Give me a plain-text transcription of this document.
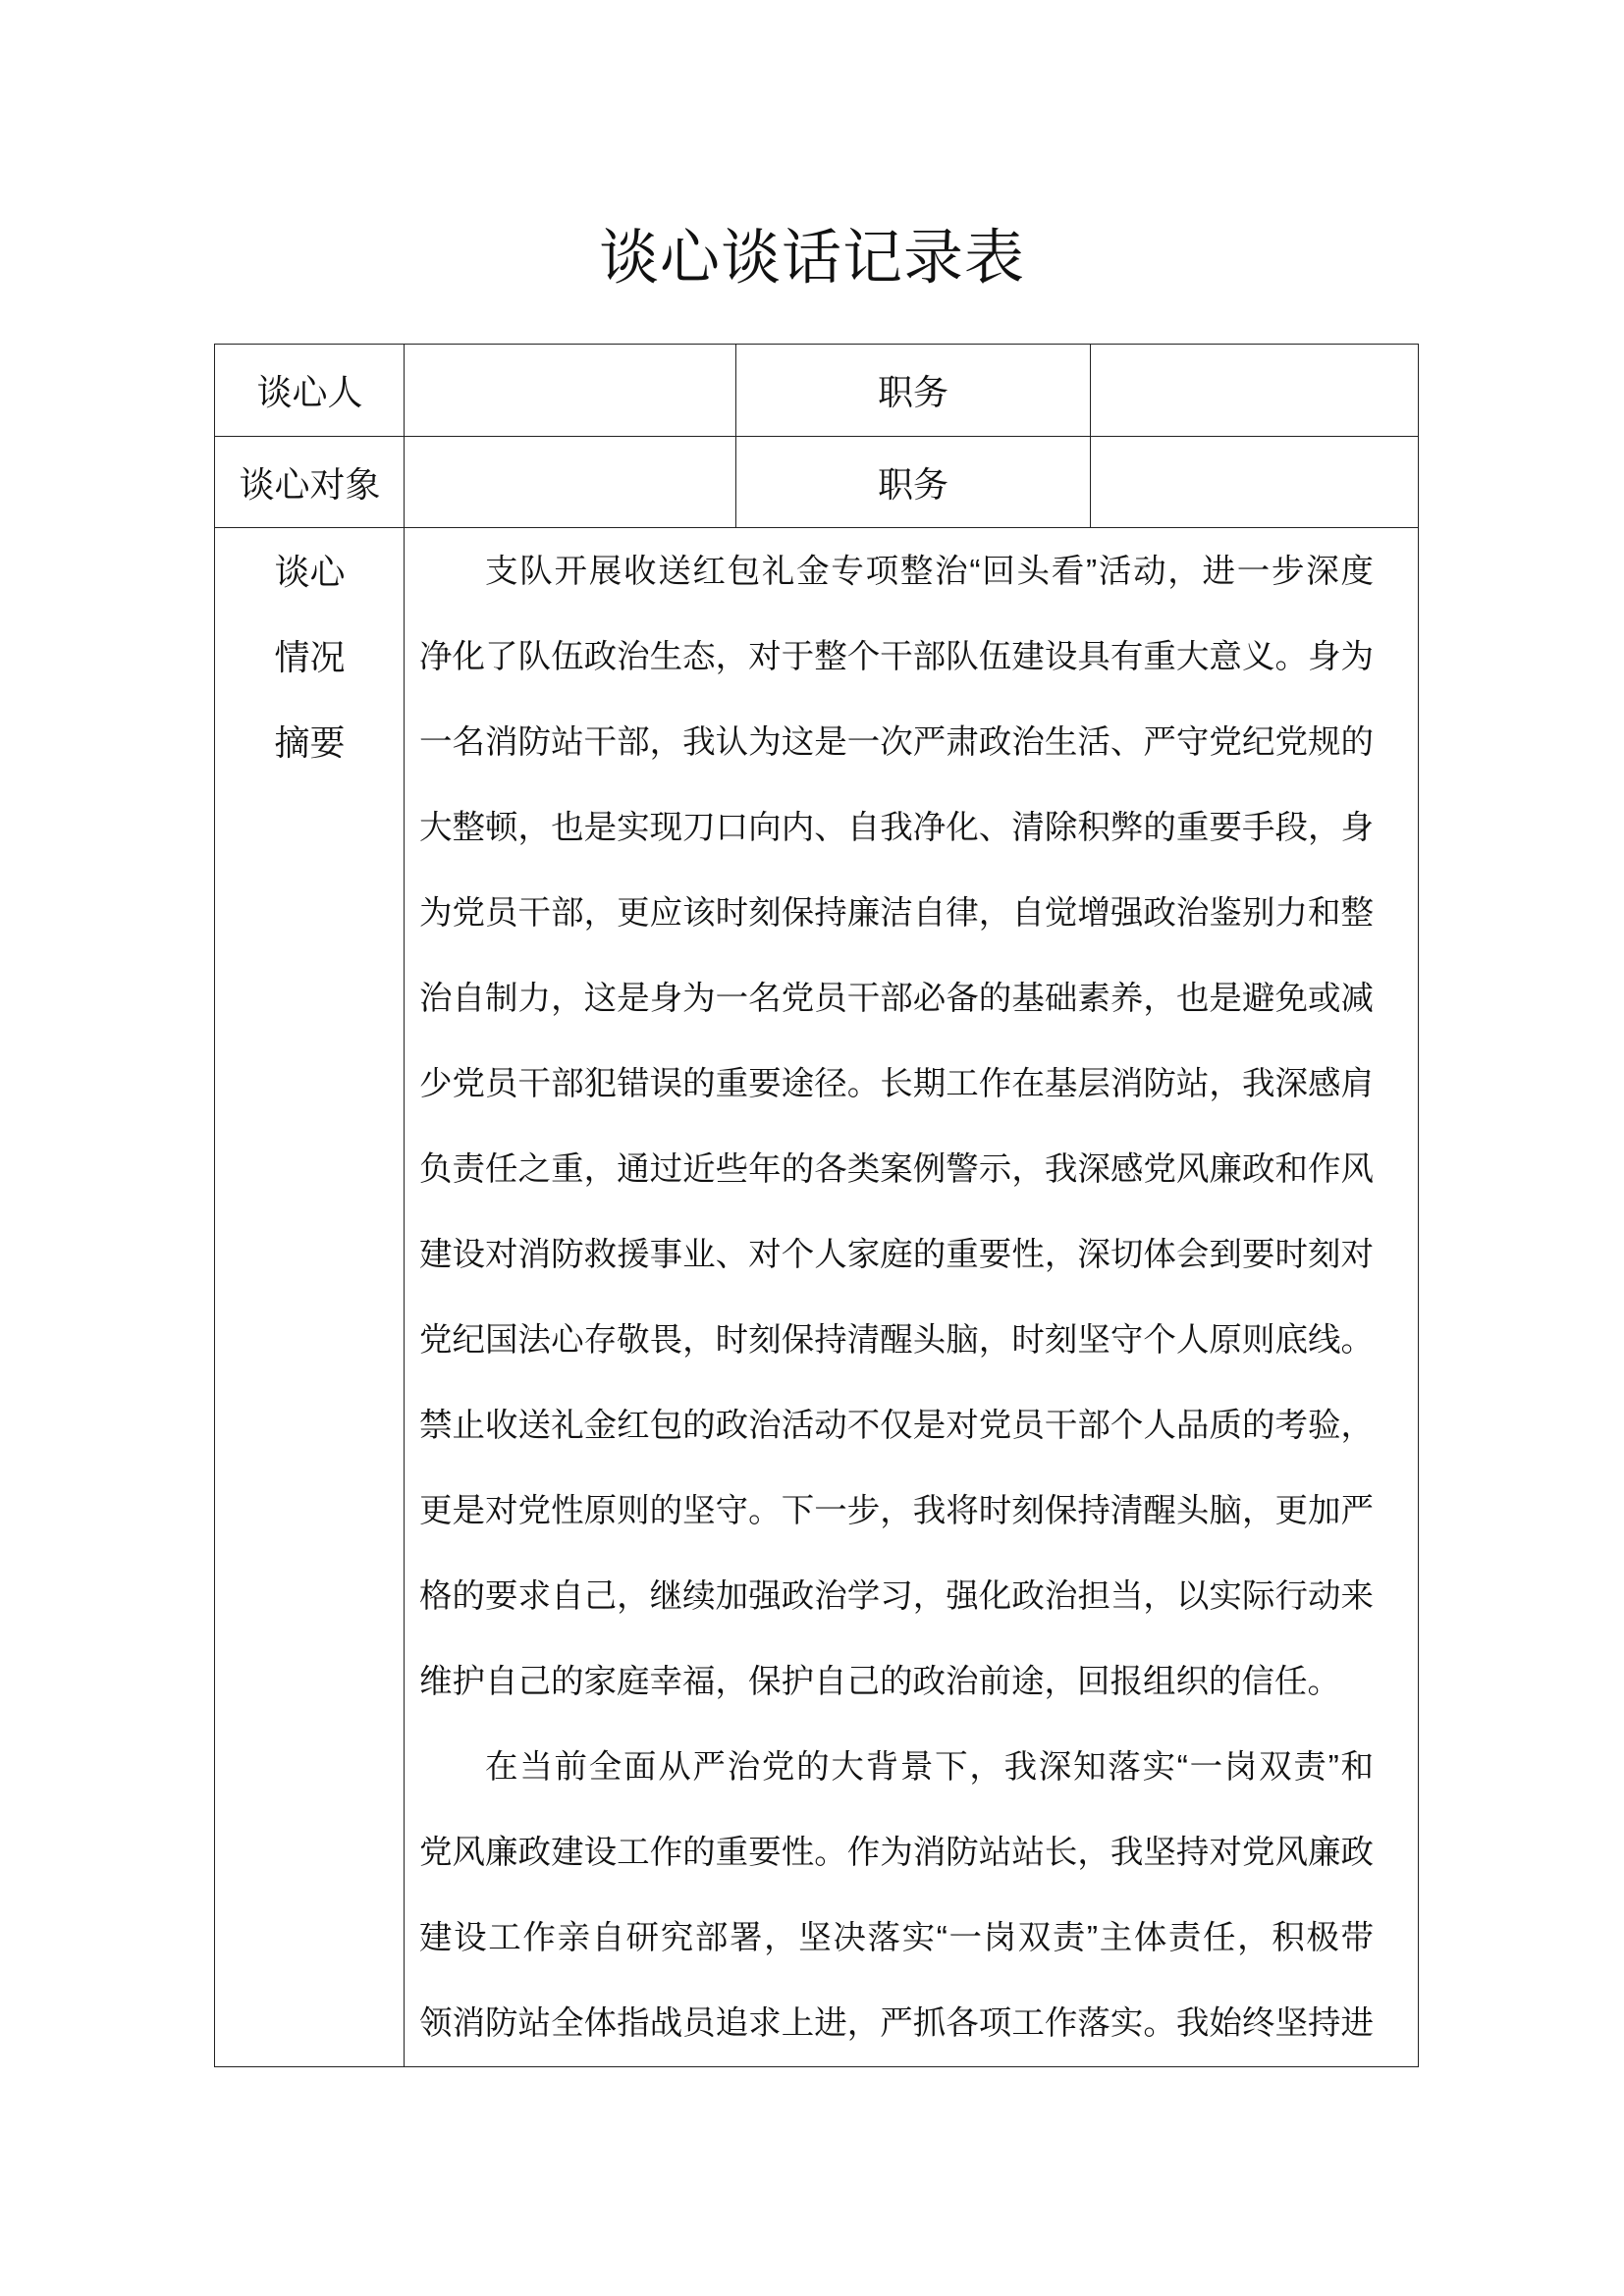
谈心谈话记录表
谈心人	职务
谈心对象	职务
谈心
情况
摘要
支队开展收送红包礼金专项整治“回头看”活动，进一步深度
净化了队伍政治生态，对于整个干部队伍建设具有重大意义。身为
一名消防站干部，我认为这是一次严肃政治生活、严守党纪党规的
大整顿，也是实现刀口向内、自我净化、清除积弊的重要手段，身
为党员干部，更应该时刻保持廉洁自律，自觉增强政治鉴别力和整
治自制力，这是身为一名党员干部必备的基础素养，也是避免或减
少党员干部犯错误的重要途径。长期工作在基层消防站，我深感肩
负责任之重，通过近些年的各类案例警示，我深感党风廉政和作风
建设对消防救援事业、对个人家庭的重要性，深切体会到要时刻对
党纪国法心存敬畏，时刻保持清醒头脑，时刻坚守个人原则底线。
禁止收送礼金红包的政治活动不仅是对党员干部个人品质的考验，
更是对党性原则的坚守。下一步，我将时刻保持清醒头脑，更加严
格的要求自己，继续加强政治学习，强化政治担当，以实际行动来
维护自己的家庭幸福，保护自己的政治前途，回报组织的信任。
在当前全面从严治党的大背景下，我深知落实“一岗双责”和
党风廉政建设工作的重要性。作为消防站站长，我坚持对党风廉政
建设工作亲自研究部署，坚决落实“一岗双责”主体责任，积极带
领消防站全体指战员追求上进，严抓各项工作落实。我始终坚持进
